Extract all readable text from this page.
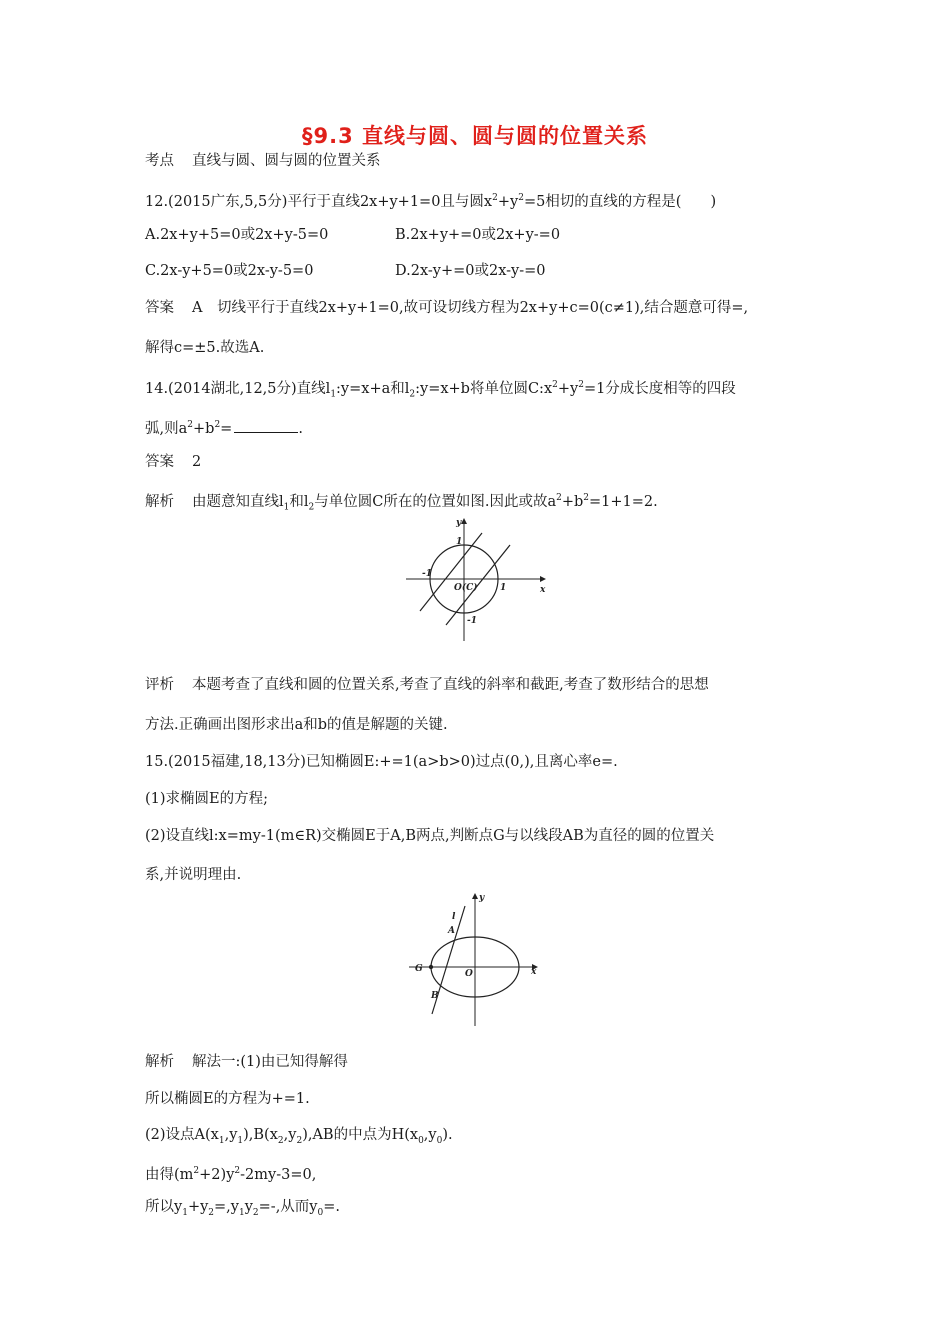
§9.3 直线与圆、圆与圆的位置关系
考点 直线与圆、圆与圆的位置关系
12.(2015广东,5,5分)平行于直线2x+y+1=0且与圆$x^2+y^2=5$相切的直线的方程是(　　)
A.2x+y+5=0或2x+y-5=0	B.2x+y+=0或2x+y-=0
C.2x-y+5=0或2x-y-5=0	D.2x-y+=0或2x-y-=0
答案 A　切线平行于直线2x+y+1=0,故可设切线方程为2x+y+c=0(c≠1),结合题意可得=,
解得c=±5.故选A.
14.(2014湖北,12,5分)直线$l_1:y=x+a$和$l_2:y=x+b$将单位圆$C:x^2+y^2=1$分成长度相等的四段
弧,则$a^2+b^2=$	.
答案 2
解析 由题意知直线$l_1$和$l_2$与单位圆C所在的位置如图.因此或故$a^2+b^2=1+1=2$.
y
x
1
-1
O(C) 1
-1
评析 本题考查了直线和圆的位置关系,考查了直线的斜率和截距,考查了数形结合的思想
方法.正确画出图形求出a和b的值是解题的关键.
15.(2015福建,18,13分)已知椭圆E:+=1(a>b>0)过点(0,),且离心率e=.
(1)求椭圆E的方程;
(2)设直线l:x=my-1(m∈R)交椭圆E于A,B两点,判断点G与以线段AB为直径的圆的位置关
系,并说明理由.
y
x
l
A
B
G	O
解析 解法一:(1)由已知得解得
所以椭圆E的方程为+=1.
(2)设点$A(x_1,y_1),B(x_2,y_2),AB$的中点为$H(x_0,y_0)$.
由得$(m^2+2)y^2-2my-3=0$,
所以$y_1+y_2=,y_1y_2=-$,从而$y_0=$.
